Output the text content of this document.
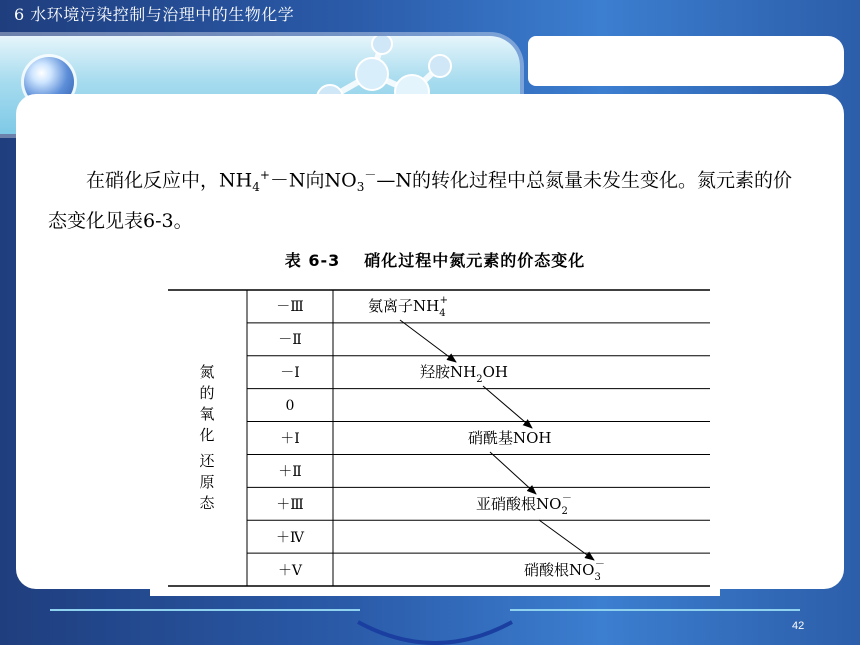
6 水环境污染控制与治理中的生物化学
在硝化反应中，$NH_4^+-N$向$NO_3^-—N$的转化过程中总氮量未发生变化。氮元素的价态变化见表6-3。
表 6-3 硝化过程中氮元素的价态变化
氮
的
氧
化
还
原
态
－Ⅲ
－Ⅱ
－Ⅰ
0
＋Ⅰ
＋Ⅱ
＋Ⅲ
＋Ⅳ
＋Ⅴ
氨离子$NH_4+$
羟胺$NH_2OH$
硝酰基NOH
亚硝酸根$NO_2-$
硝酸根$NO_3-$
42
